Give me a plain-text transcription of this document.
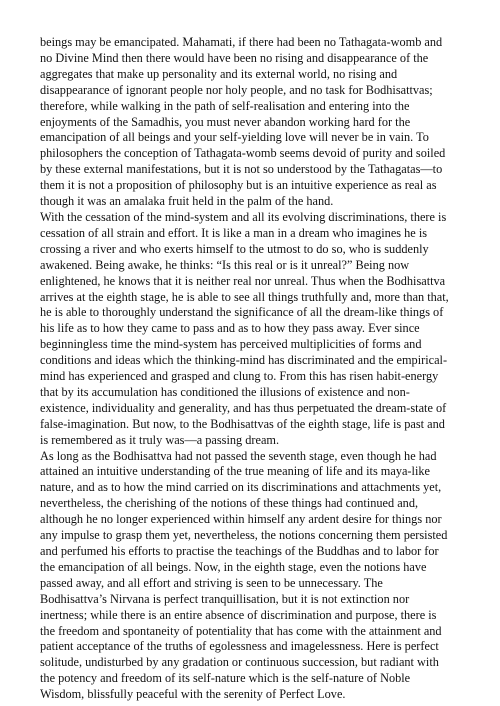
beings may be emancipated. Mahamati, if there had been no Tathagata-womb and
no Divine Mind then there would have been no rising and disappearance of the
aggregates that make up personality and its external world, no rising and
disappearance of ignorant people nor holy people, and no task for Bodhisattvas;
therefore, while walking in the path of self-realisation and entering into the
enjoyments of the Samadhis, you must never abandon working hard for the
emancipation of all beings and your self-yielding love will never be in vain. To
philosophers the conception of Tathagata-womb seems devoid of purity and soiled
by these external manifestations, but it is not so understood by the Tathagatas—to
them it is not a proposition of philosophy but is an intuitive experience as real as
though it was an amalaka fruit held in the palm of the hand.

With the cessation of the mind-system and all its evolving discriminations, there is
cessation of all strain and effort. It is like a man in a dream who imagines he is
crossing a river and who exerts himself to the utmost to do so, who is suddenly
awakened. Being awake, he thinks: “Is this real or is it unreal?” Being now
enlightened, he knows that it is neither real nor unreal. Thus when the Bodhisattva
arrives at the eighth stage, he is able to see all things truthfully and, more than that,
he is able to thoroughly understand the significance of all the dream-like things of
his life as to how they came to pass and as to how they pass away. Ever since
beginningless time the mind-system has perceived multiplicities of forms and
conditions and ideas which the thinking-mind has discriminated and the empirical-
mind has experienced and grasped and clung to. From this has risen habit-energy
that by its accumulation has conditioned the illusions of existence and non-
existence, individuality and generality, and has thus perpetuated the dream-state of
false-imagination. But now, to the Bodhisattvas of the eighth stage, life is past and
is remembered as it truly was—a passing dream.

As long as the Bodhisattva had not passed the seventh stage, even though he had
attained an intuitive understanding of the true meaning of life and its maya-like
nature, and as to how the mind carried on its discriminations and attachments yet,
nevertheless, the cherishing of the notions of these things had continued and,
although he no longer experienced within himself any ardent desire for things nor
any impulse to grasp them yet, nevertheless, the notions concerning them persisted
and perfumed his efforts to practise the teachings of the Buddhas and to labor for
the emancipation of all beings. Now, in the eighth stage, even the notions have
passed away, and all effort and striving is seen to be unnecessary. The
Bodhisattva’s Nirvana is perfect tranquillisation, but it is not extinction nor
inertness; while there is an entire absence of discrimination and purpose, there is
the freedom and spontaneity of potentiality that has come with the attainment and
patient acceptance of the truths of egolessness and imagelessness. Here is perfect
solitude, undisturbed by any gradation or continuous succession, but radiant with
the potency and freedom of its self-nature which is the self-nature of Noble
Wisdom, blissfully peaceful with the serenity of Perfect Love.
